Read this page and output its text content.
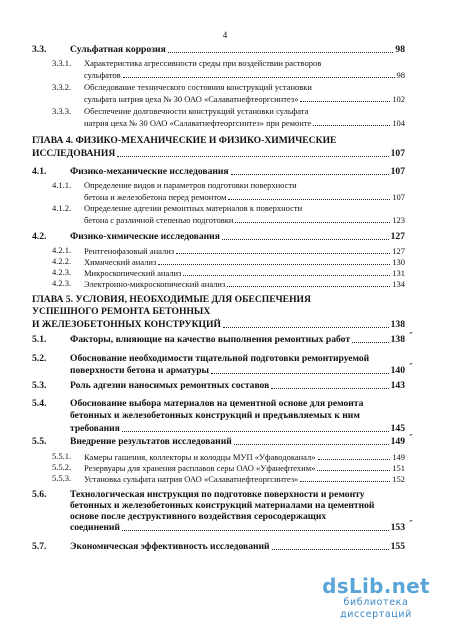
4
3.3. Сульфатная коррозия	98
3.3.1. Характеристика агрессивности среды при воздействии растворов
сульфатов	98
3.3.2. Обследование технического состояния конструкций установки
сульфата натрия цеха № 30 ОАО «Салаватнефтеоргсинтез»	102
3.3.3. Обеспечение долговечности конструкций установки сульфата
натрия цеха № 30 ОАО «Салаватнефтеоргсинтез» при ремонте	104
ГЛАВА 4. ФИЗИКО-МЕХАНИЧЕСКИЕ И ФИЗИКО-ХИМИЧЕСКИЕ
ИССЛЕДОВАНИЯ	107
4.1. Физико-механические исследования	107
4.1.1. Определение видов и параметров подготовки поверхности
бетона и железобетона перед ремонтом	107
4.1.2. Определение адгезии ремонтных материалов к поверхности
бетона с различной степенью подготовки	123
4.2. Физико-химические исследования	127
4.2.1. Рентгенофазовый анализ	127
4.2.2. Химический анализ	130
4.2.3. Микроскопический анализ	131
4.2.3. Электронно-микроскопический анализ	134
ГЛАВА 5. УСЛОВИЯ, НЕОБХОДИМЫЕ ДЛЯ ОБЕСПЕЧЕНИЯ
УСПЕШНОГО РЕМОНТА БЕТОННЫХ
И ЖЕЛЕЗОБЕТОННЫХ КОНСТРУКЦИЙ	138
5.1. Факторы, влияющие на качество выполнения ремонтных работ	138 ˊ
5.2. Обоснование необходимости тщательной подготовки ремонтируемой
поверхности бетона и арматуры	140 ˊ
5.3. Роль адгезии наносимых ремонтных составов	143
5.4. Обоснование выбора материалов на цементной основе для ремонта
бетонных и железобетонных конструкций и предъявляемых к ним
требования	145
5.5. Внедрение результатов исследований	149 ˊ
5.5.1. Камеры гашения, коллекторы и колодцы МУП «Уфаводоканал»	149
5.5.2. Резервуары для хранения расплавов серы ОАО «Уфанефтехим»	151
5.5.3. Установка сульфата натрия ОАО «Салаватнефтеоргсинтез»	152
5.6. Технологическая инструкция по подготовке поверхности и ремонту
бетонных и железобетонных конструкций материалами на цементной
основе после деструктивного воздействия серосодержащих
соединений	153 ˊ
5.7. Экономическая эффективность исследований	155
dsLib.net
библиотека диссертаций
